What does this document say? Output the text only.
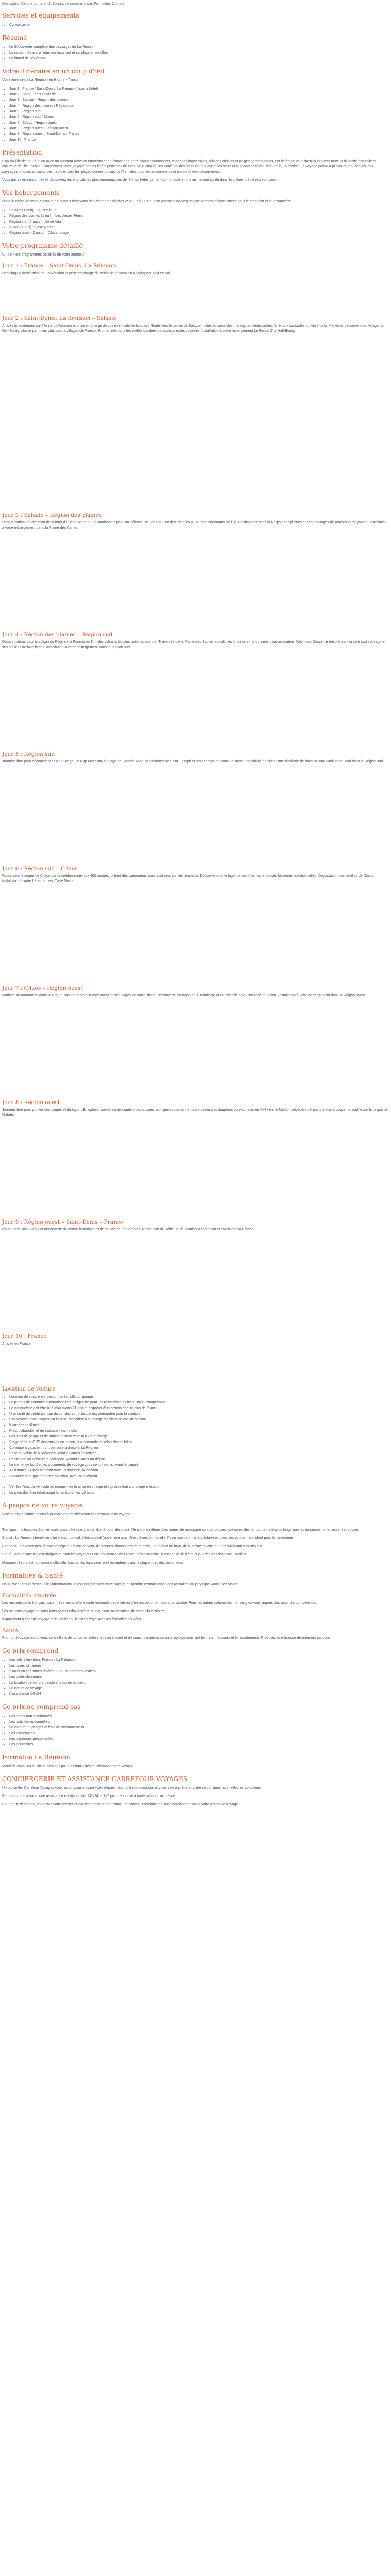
Description Ce prix comprend : Ce prix ne comprend pas Formalités Contact
Services et équipements
• Conciergerie
Résumé
• Le découverte complète des paysages de La Réunion
• La randonnée entre l'intérieur luxuriant et sa plage ensoleillée
• Le littoral de l'extérieur
Votre itinéraire en un coup d'œil

Votre itinéraire à La Réunion en 9 jours - 7 nuits

• Jour 1 : France / Saint-Denis, La Réunion (nord à hôtel)
• Jour 2 : Saint-Denis / Salazie
• Jour 3 : Salazie - Région des plaines
• Jour 4 : Région des plaines / Région sud
• Jour 5 : Région sud
• Jour 6 : Région sud / Cilaos
• Jour 7 : Cilaos / Région ouest
• Jour 8 : Région ouest / Région ouest
• Jour 9 : Région ouest / Saint-Denis / France
• Jour 10 : France
Présentation

L'op'sur l'île de La Réunion avec un autotour riche en émotions et en émotions ! entre cirques verdoyants, cascades impressives, villages créoles et plages paradisiaques, cet itinéraire vous invite à explorer toute la diversité naturelle et culturelle de l'île intense. Commencez votre voyage par les forêts primaires de Bélouve (Salazie), les couleurs des fleurs du fruit avant les mers et la spontanéité du Piton de la Fournaise. Le voyage passe à plusieurs reprises par des paysages uniques au cœur des hauts et vers les plages dorées du sud de l'île. Idéal pour les amoureux de la nature et des découvertes.

Vous partez en randonnée et découvrez les endroits les plus remarquables de l'île, un hébergement confortable et une immersion totale dans la culture créole réunionnaise.

Vos hébergements

Dans le cadre de votre autotour, nous vous réservons des chambres d'hôtes 2* ou 3* à La Réunion (normes locales) soigneusement sélectionnées pour leur confort et leur caractère.

• Salazie (1 nuit) : Le Relais 3*
• Région des plaines (1 nuit) : Les Jasper Ferns
• Région sud (2 nuits) : Dolce Vita
• Cilaos (1 nuit) : Case Nasta
• Région ouest (2 nuits) : Dikwa Lodge
Votre programme détaillé

Cl. derniers programmes détaillés de votre autotour

Jour 1 : France – Saint-Denis, La Réunion

Décollage à destination de La Réunion et prise en charge du véhicule de location à l'aéroport. Nuit en vol.

Jour 2 : Saint-Denis, La Réunion – Salazie

Arrivée le lendemain sur l'île de La Réunion et prise en charge de votre véhicule de location. Route vers le cirque de Salazie, niché au cœur des montagnes verdoyantes. Arrêt aux cascades du Voile de la Mariée et découverte du village de Hell-Bourg, classé parmi les plus beaux villages de France. Promenade dans les ruelles bordées de cases créoles colorées. Installation à votre hébergement Le Relais 3* à Hell-Bourg.

Jour 3 : Salazie – Région des plaines

Départ matinal en direction de la forêt de Bélouve pour une randonnée jusqu'au célèbre Trou de Fer, l'un des sites les plus impressionnants de l'île. Continuation vers la Région des plaines et ses paysages de prairies verdoyantes. Installation à votre hébergement dans la Plaine des Cafres.

Jour 4 : Région des plaines – Région sud

Départ matinal pour le volcan du Piton de la Fournaise, l'un des volcans les plus actifs au monde. Traversée de la Plaine des Sables aux allures lunaires et randonnée jusqu'au cratère Dolomieu. Descente ensuite vers la côte sud sauvage et ses coulées de lave figées. Installation à votre hébergement dans la Région sud.

Jour 5 : Région sud

Journée libre pour découvrir le Sud Sauvage : le Cap Méchant, la plage de Grande Anse, les marines de Saint-Joseph et les champs de canne à sucre. Possibilité de visiter une distillerie de rhum ou une vanilleraie. Nuit dans la Région sud.

Jour 6 : Région sud – Cilaos

Route vers le cirque de Cilaos par la célèbre route aux 400 virages, offrant des panoramas spectaculaires sur les remparts. Découverte du village, de ses thermes et de ses broderies traditionnelles. Dégustation des lentilles de Cilaos. Installation à votre hébergement Case Nasta.

Jour 7 : Cilaos – Région ouest

Matinée de randonnée dans le cirque, puis route vers la côte ouest et ses plages de sable blanc. Découverte du lagon de l'Hermitage et coucher de soleil sur l'océan Indien. Installation à votre hébergement dans la Région ouest.

Jour 8 : Région ouest

Journée libre pour profiter des plages et du lagon. En option : survol en hélicoptère des cirques, plongée sous-marine, observation des dauphins ou excursion en 4x4 vers le Maïdo, belvédère offrant une vue à couper le souffle sur le cirque de Mafate.

Jour 9 : Région ouest – Saint-Denis – France

Route vers Saint-Denis et découverte du centre historique et de ses demeures créoles. Restitution du véhicule de location à l'aéroport et envol vers la France.

Jour 10 : France

Arrivée en France.

Location de voiture
• Location de voiture en fonction de la taille du groupe
• Le permis de conduire international est obligatoire pour les ressortissants hors Union européenne
• Le conducteur doit être âgé d'au moins 21 ans et disposer d'un permis depuis plus de 2 ans
• Une carte de crédit au nom du conducteur principal est demandée pour la caution
• L'assurance tous risques est incluse, franchise à la charge du client en cas de sinistre
• Kilométrage illimité
• Frais d'abandon et de carburant non inclus
• Les frais de péage et de stationnement restent à votre charge
• Siège bébé et GPS disponibles en option, sur demande et selon disponibilité
• Conduite à gauche : non, on roule à droite à La Réunion
• Prise du véhicule à l'aéroport Roland Garros à l'arrivée
• Restitution du véhicule à l'aéroport Roland Garros au départ
• Le carnet de bord et les documents de voyage vous seront remis avant le départ
• Assistance 24h/24 pendant toute la durée de la location
• Conducteur supplémentaire possible, avec supplément
• Vérifiez l'état du véhicule au moment de la prise en charge et signalez tout dommage existant
• Le plein doit être refait avant la restitution du véhicule
À propos de votre voyage

Voici quelques informations à prendre en considération concernant votre voyage.

Transport : la location d'un véhicule vous offre une grande liberté pour découvrir l'île à votre rythme. Les routes de montagne sont sinueuses, prévoyez des temps de trajet plus longs que les distances ne le laissent supposer.

Climat : La Réunion bénéficie d'un climat tropical. L'été austral (novembre à avril) est chaud et humide, l'hiver austral (mai à octobre) est plus sec et plus frais, idéal pour la randonnée.

Bagages : prévoyez des vêtements légers, un coupe-vent, de bonnes chaussures de marche, un maillot de bain, de la crème solaire et un répulsif anti-moustiques.

Santé : aucun vaccin n'est obligatoire pour les voyageurs en provenance de France métropolitaine. Il est conseillé d'être à jour des vaccinations usuelles.

Monnaie : l'euro est la monnaie officielle. Les cartes bancaires sont acceptées dans la plupart des établissements.

Formalités & Santé

Nous évoquons ci-dessous les informations utiles pour préparer votre voyage et prendre connaissance des actualités du pays que vous allez visiter.

Formalités d'entrée

Les ressortissants français doivent être munis d'une carte nationale d'identité ou d'un passeport en cours de validité. Pour les autres nationalités, renseignez-vous auprès des autorités compétentes.

Les mineurs voyageant sans leurs parents doivent être munis d'une autorisation de sortie du territoire.

Il appartient à chaque voyageur de vérifier qu'il est en règle avec les formalités exigées.

Santé

Pour tout voyage, nous vous conseillons de consulter votre médecin traitant et de souscrire une assurance voyage couvrant les frais médicaux et le rapatriement. Prévoyez une trousse de premiers secours.

Ce prix comprend
• Les vols aller-retour France / La Réunion
• Les taxes aériennes
• 7 nuits en chambres d'hôtes 2* ou 3* (normes locales)
• Les petits-déjeuners
• La location de voiture pendant la durée du séjour
• Le carnet de voyage
• L'assistance 24h/24
Ce prix ne comprend pas
• Les repas non mentionnés
• Les activités optionnelles
• Le carburant, péages et frais de stationnement
• Les assurances
• Les dépenses personnelles
• Les pourboires
Formalité La Réunion

Merci de consulter le site ci-dessous pour les formalités et informations de voyage.

CONCIERGERIE ET ASSISTANCE CARREFOUR VOYAGES

Un conseiller Carrefour Voyages vous accompagne avant votre départ, répond à vos questions et vous aide à préparer votre séjour dans les meilleures conditions.

Pendant votre voyage, une assistance est disponible 24h/24 et 7j/7 pour répondre à toute situation imprévue.

Pour toute demande, contactez votre conseiller par téléphone ou par email ; retrouvez l'ensemble de nos coordonnées dans votre carnet de voyage.
